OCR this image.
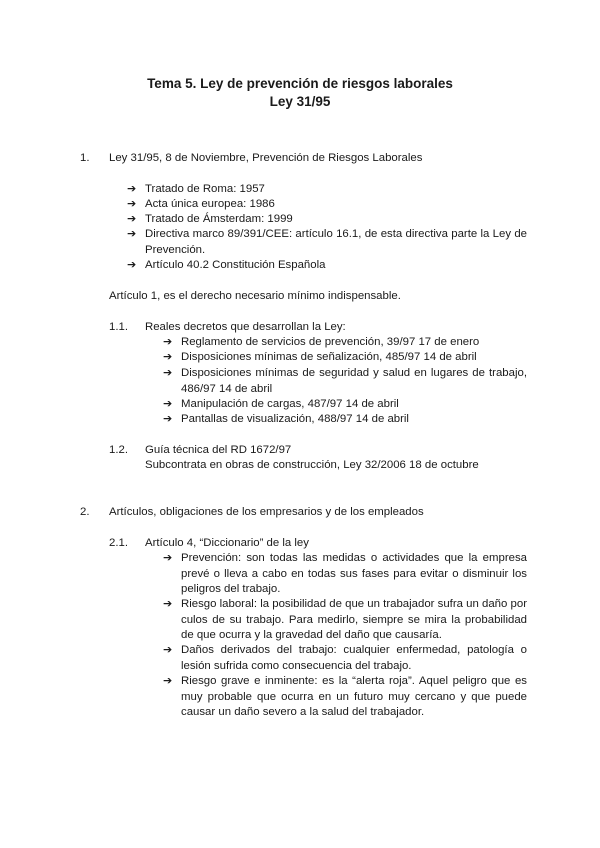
Tema 5. Ley de prevención de riesgos laborales
Ley 31/95
1. Ley 31/95, 8 de Noviembre, Prevención de Riesgos Laborales
➔ Tratado de Roma: 1957
➔ Acta única europea: 1986
➔ Tratado de Ámsterdam: 1999
➔ Directiva marco 89/391/CEE: artículo 16.1, de esta directiva parte la Ley de Prevención.
➔ Artículo 40.2 Constitución Española
Artículo 1, es el derecho necesario mínimo indispensable.
1.1. Reales decretos que desarrollan la Ley:
➔ Reglamento de servicios de prevención, 39/97 17 de enero
➔ Disposiciones mínimas de señalización, 485/97 14 de abril
➔ Disposiciones mínimas de seguridad y salud en lugares de trabajo, 486/97 14 de abril
➔ Manipulación de cargas, 487/97 14 de abril
➔ Pantallas de visualización, 488/97 14 de abril
1.2. Guía técnica del RD 1672/97
Subcontrata en obras de construcción, Ley 32/2006 18 de octubre
2. Artículos, obligaciones de los empresarios y de los empleados
2.1. Artículo 4, “Diccionario” de la ley
➔ Prevención: son todas las medidas o actividades que la empresa prevé o lleva a cabo en todas sus fases para evitar o disminuir los peligros del trabajo.
➔ Riesgo laboral: la posibilidad de que un trabajador sufra un daño por culos de su trabajo. Para medirlo, siempre se mira la probabilidad de que ocurra y la gravedad del daño que causaría.
➔ Daños derivados del trabajo: cualquier enfermedad, patología o lesión sufrida como consecuencia del trabajo.
➔ Riesgo grave e inminente: es la “alerta roja”. Aquel peligro que es muy probable que ocurra en un futuro muy cercano y que puede causar un daño severo a la salud del trabajador.
